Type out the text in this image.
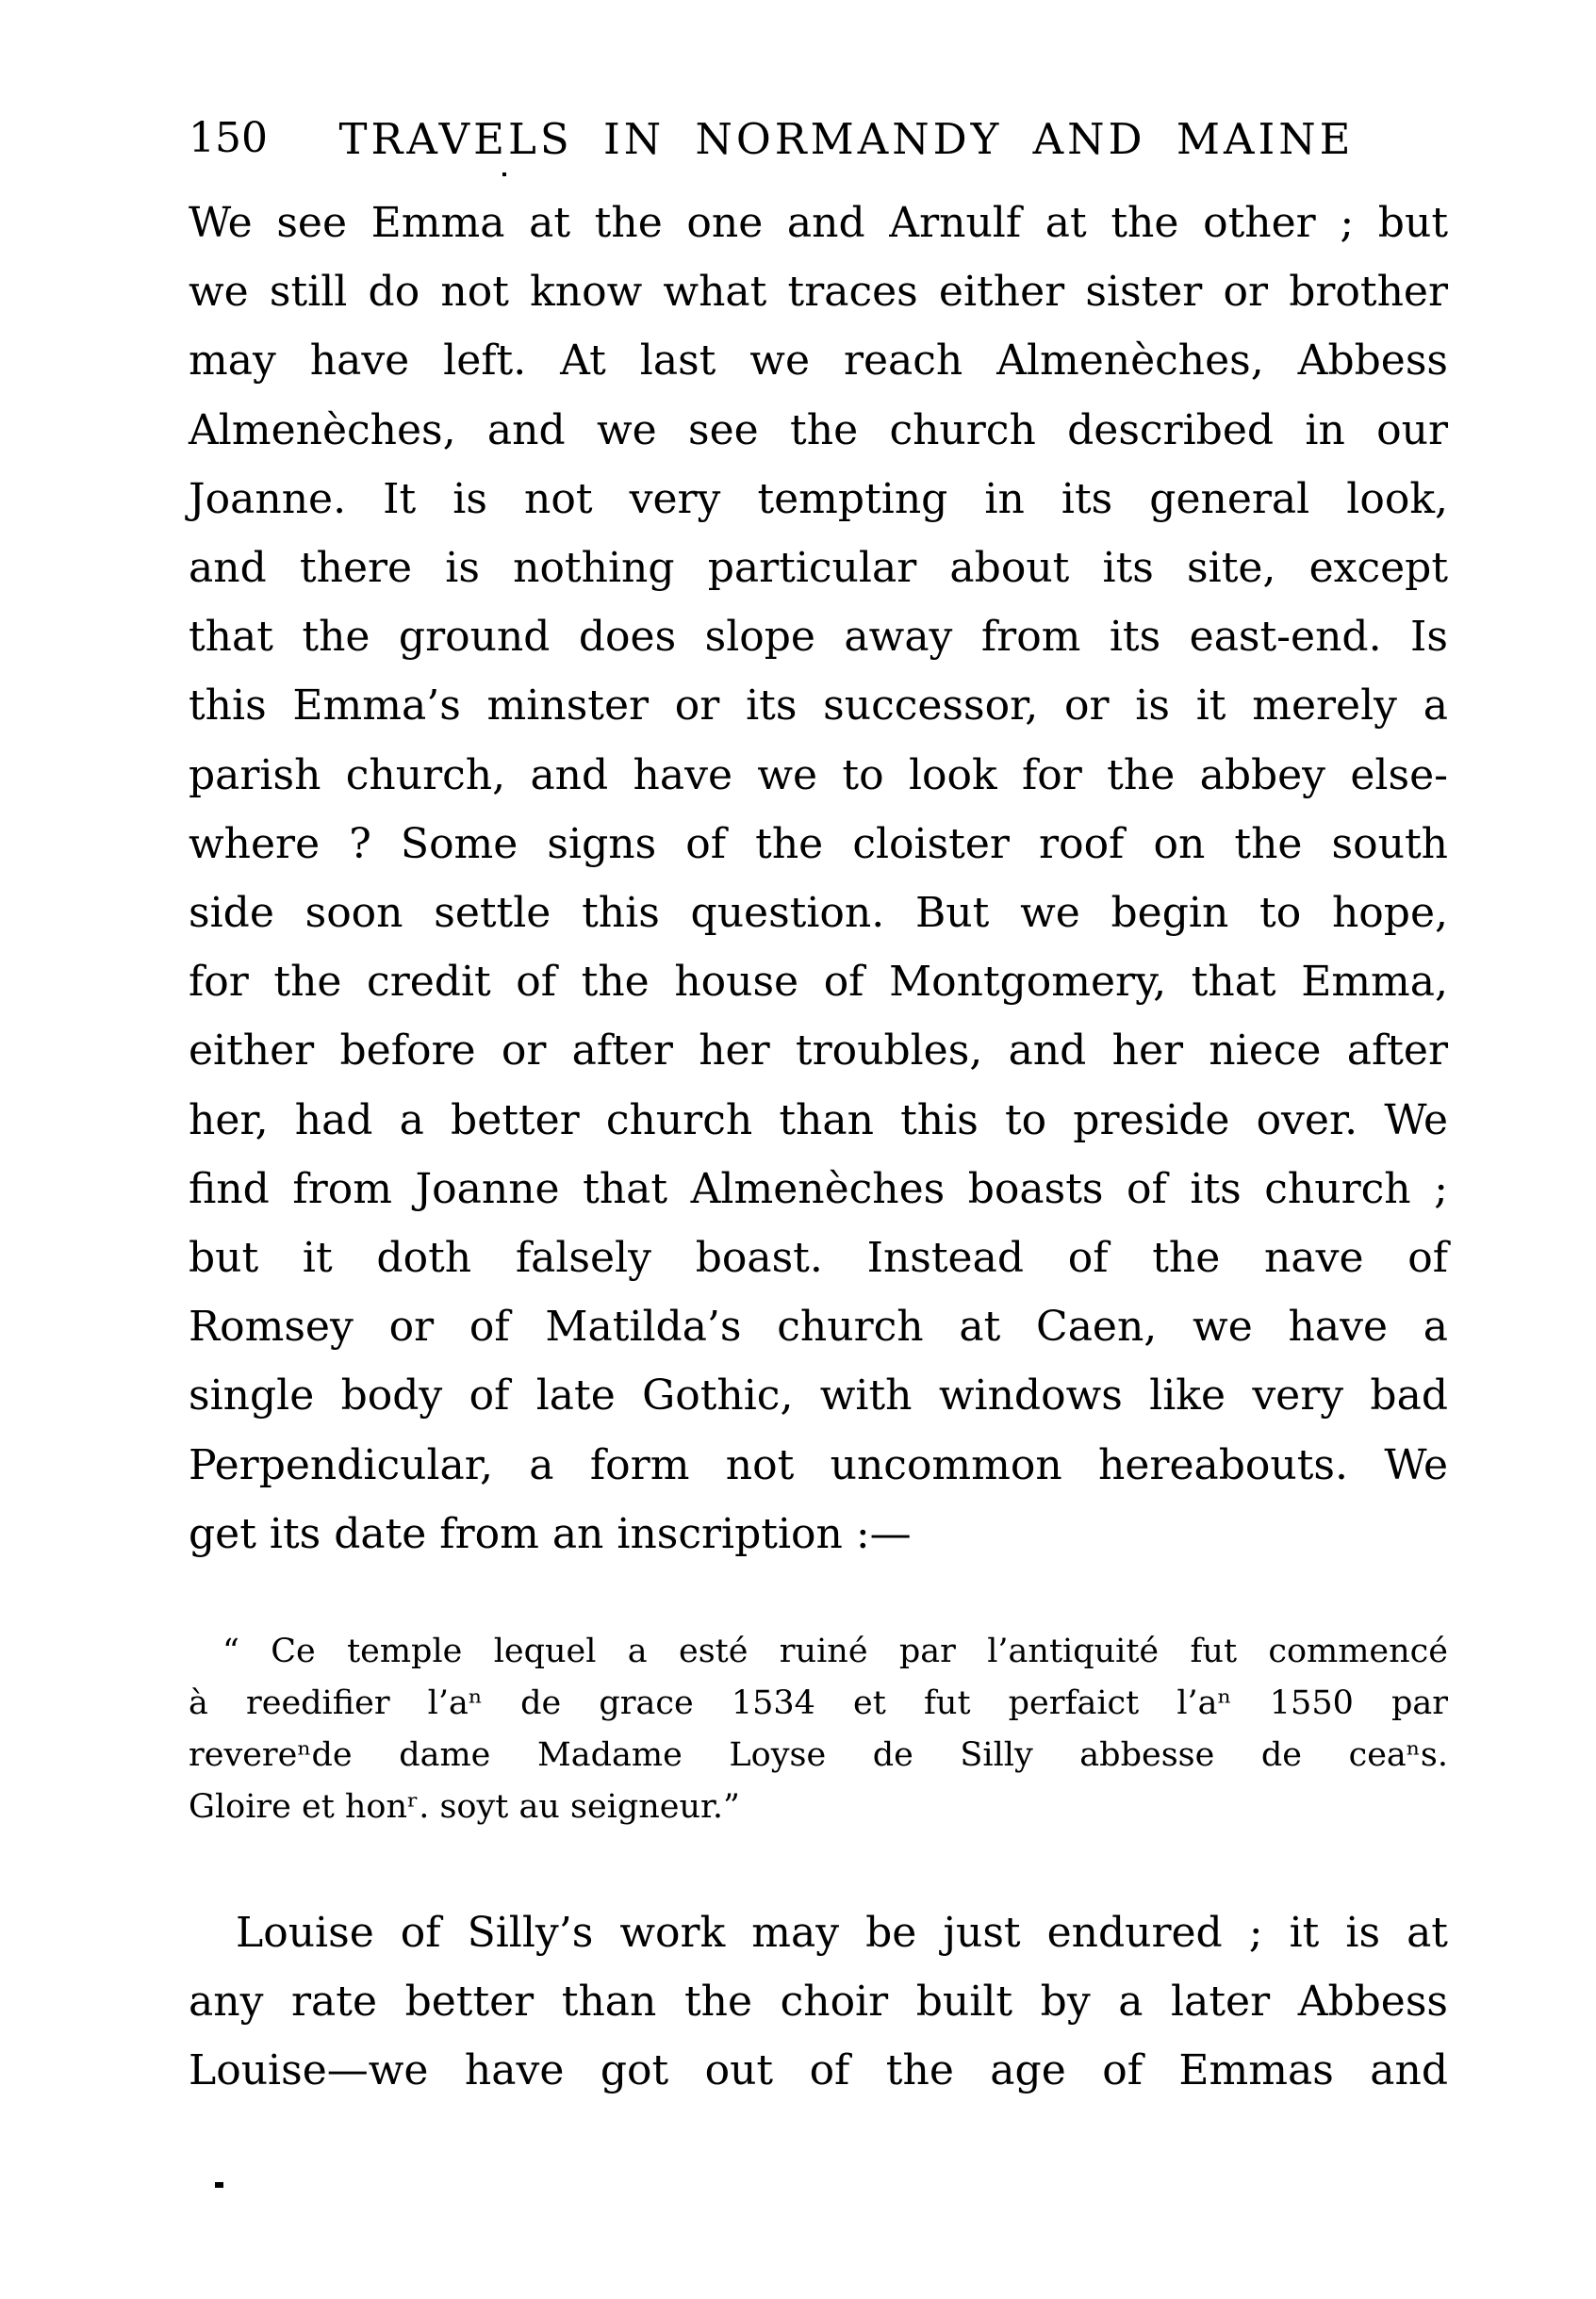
150	TRAVELS IN NORMANDY AND MAINE
We see Emma at the one and Arnulf at the other ; but
we still do not know what traces either sister or brother
may have left. At last we reach Almenèches, Abbess
Almenèches, and we see the church described in our
Joanne. It is not very tempting in its general look,
and there is nothing particular about its site, except
that the ground does slope away from its east-end. Is
this Emma’s minster or its successor, or is it merely a
parish church, and have we to look for the abbey else-
where ? Some signs of the cloister roof on the south
side soon settle this question. But we begin to hope,
for the credit of the house of Montgomery, that Emma,
either before or after her troubles, and her niece after
her, had a better church than this to preside over. We
find from Joanne that Almenèches boasts of its church ;
but it doth falsely boast. Instead of the nave of
Romsey or of Matilda’s church at Caen, we have a
single body of late Gothic, with windows like very bad
Perpendicular, a form not uncommon hereabouts. We
get its date from an inscription :—
“ Ce temple lequel a esté ruiné par l’antiquité fut commencé
à reedifier l’aⁿ de grace 1534 et fut perfaict l’aⁿ 1550 par
revereⁿde dame Madame Loyse de Silly abbesse de ceaⁿs.
Gloire et honʳ. soyt au seigneur.”
Louise of Silly’s work may be just endured ; it is at
any rate better than the choir built by a later Abbess
Louise—we have got out of the age of Emmas and
